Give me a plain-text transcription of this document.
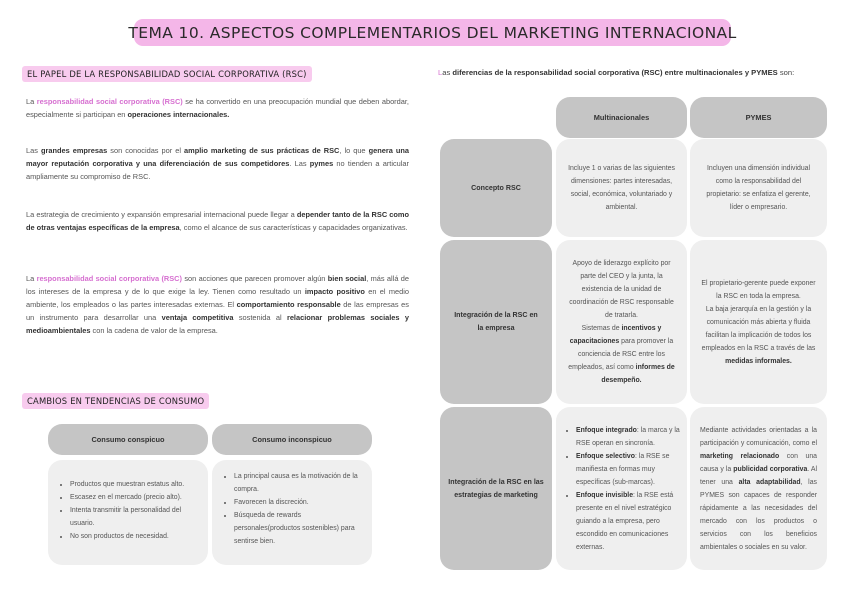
TEMA 10. ASPECTOS COMPLEMENTARIOS DEL MARKETING INTERNACIONAL
EL PAPEL DE LA RESPONSABILIDAD SOCIAL CORPORATIVA (RSC)

La responsabilidad social corporativa (RSC) se ha convertido en una preocupación mundial que deben abordar, especialmente si participan en operaciones internacionales.

Las grandes empresas son conocidas por el amplio marketing de sus prácticas de RSC, lo que genera una mayor reputación corporativa y una diferenciación de sus competidores. Las pymes no tienden a articular ampliamente su compromiso de RSC.

La estrategia de crecimiento y expansión empresarial internacional puede llegar a depender tanto de la RSC como de otras ventajas específicas de la empresa, como el alcance de sus características y capacidades organizativas.

La responsabilidad social corporativa (RSC) son acciones que parecen promover algún bien social, más allá de los intereses de la empresa y de lo que exige la ley. Tienen como resultado un impacto positivo en el medio ambiente, los empleados o las partes interesadas externas. El comportamiento responsable de las empresas es un instrumento para desarrollar una ventaja competitiva sostenida al relacionar problemas sociales y medioambientales con la cadena de valor de la empresa.

CAMBIOS EN TENDENCIAS DE CONSUMO
Consumo conspicuo	Consumo inconspicuo
• Productos que muestran estatus alto.
• Escasez en el mercado (precio alto).
• Intenta transmitir la personalidad del usuario.
• No son productos de necesidad.
• La principal causa es la motivación de la compra.
• Favorecen la discreción.
• Búsqueda de rewards personales(productos sostenibles) para sentirse bien.

Las diferencias de la responsabilidad social corporativa (RSC) entre multinacionales y PYMES son:

Multinacionales	PYMES
Concepto RSC
Incluye 1 o varias de las siguientes dimensiones: partes interesadas, social, económica, voluntariado y ambiental.
Incluyen una dimensión individual como la responsabilidad del propietario: se enfatiza el gerente, líder o empresario.
Integración de la RSC en la empresa
Apoyo de liderazgo explícito por parte del CEO y la junta, la existencia de la unidad de coordinación de RSC responsable de tratarla.
Sistemas de incentivos y capacitaciones para promover la conciencia de RSC entre los empleados, así como informes de desempeño.
El propietario-gerente puede exponer la RSC en toda la empresa.
La baja jerarquía en la gestión y la comunicación más abierta y fluida facilitan la implicación de todos los empleados en la RSC a través de las medidas informales.
Integración de la RSC en las estrategias de marketing
• Enfoque integrado: la marca y la RSE operan en sincronía.
• Enfoque selectivo: la RSE se manifiesta en formas muy específicas (sub-marcas).
• Enfoque invisible: la RSE está presente en el nivel estratégico guiando a la empresa, pero escondido en comunicaciones externas.
Mediante actividades orientadas a la participación y comunicación, como el marketing relacionado con una causa y la publicidad corporativa. Al tener una alta adaptabilidad, las PYMES son capaces de responder rápidamente a las necesidades del mercado con los productos o servicios con los beneficios ambientales o sociales en su valor.
